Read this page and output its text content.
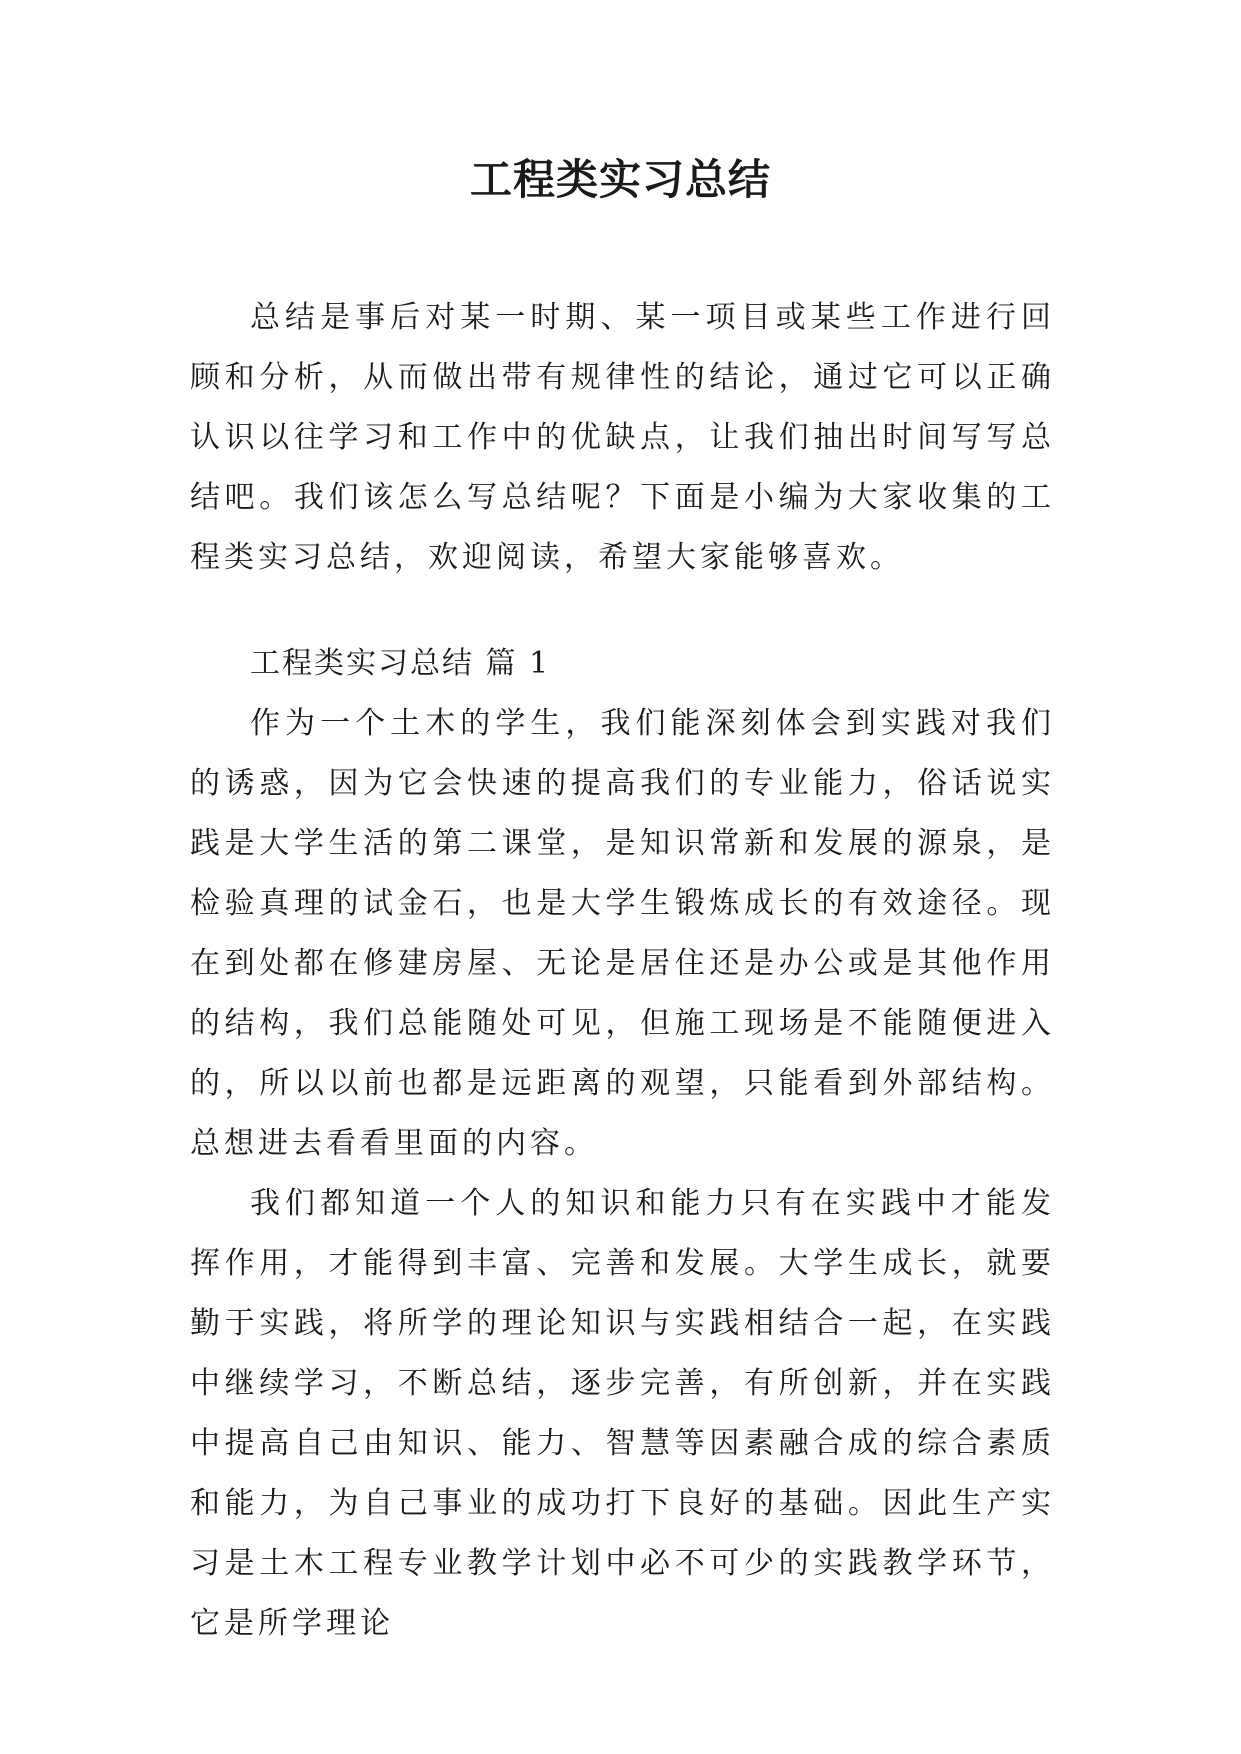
工程类实习总结

总结是事后对某一时期、某一项目或某些工作进行回顾和分析，从而做出带有规律性的结论，通过它可以正确认识以往学习和工作中的优缺点，让我们抽出时间写写总结吧。我们该怎么写总结呢？下面是小编为大家收集的工程类实习总结，欢迎阅读，希望大家能够喜欢。

工程类实习总结 篇 1

作为一个土木的学生，我们能深刻体会到实践对我们的诱惑，因为它会快速的提高我们的专业能力，俗话说实践是大学生活的第二课堂，是知识常新和发展的源泉，是检验真理的试金石，也是大学生锻炼成长的有效途径。现在到处都在修建房屋、无论是居住还是办公或是其他作用的结构，我们总能随处可见，但施工现场是不能随便进入的，所以以前也都是远距离的观望，只能看到外部结构。总想进去看看里面的内容。

我们都知道一个人的知识和能力只有在实践中才能发挥作用，才能得到丰富、完善和发展。大学生成长，就要勤于实践，将所学的理论知识与实践相结合一起，在实践中继续学习，不断总结，逐步完善，有所创新，并在实践中提高自己由知识、能力、智慧等因素融合成的综合素质和能力，为自己事业的成功打下良好的基础。因此生产实习是土木工程专业教学计划中必不可少的实践教学环节，它是所学理论
